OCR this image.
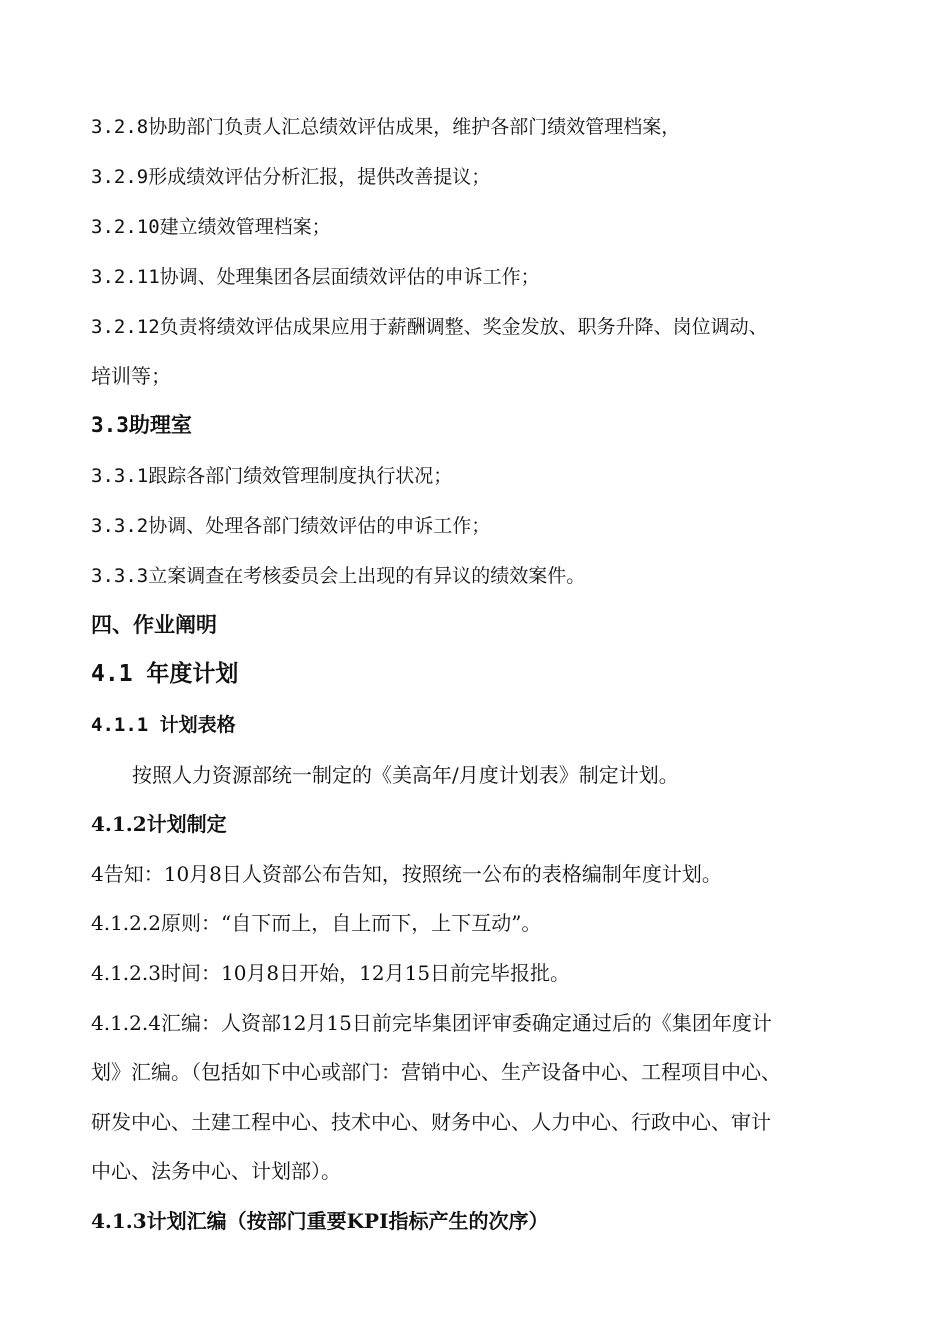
3.2.8协助部门负责人汇总绩效评估成果，维护各部门绩效管理档案，
3.2.9形成绩效评估分析汇报，提供改善提议；
3.2.10建立绩效管理档案；
3.2.11协调、处理集团各层面绩效评估的申诉工作；
3.2.12负责将绩效评估成果应用于薪酬调整、奖金发放、职务升降、岗位调动、
培训等；
3.3助理室
3.3.1跟踪各部门绩效管理制度执行状况；
3.3.2协调、处理各部门绩效评估的申诉工作；
3.3.3立案调查在考核委员会上出现的有异议的绩效案件。
四、作业阐明
4.1 年度计划
4.1.1 计划表格
按照人力资源部统一制定的《美高年/月度计划表》制定计划。
4.1.2计划制定
4告知：10月8日人资部公布告知，按照统一公布的表格编制年度计划。
4.1.2.2原则：“自下而上，自上而下，上下互动”。
4.1.2.3时间：10月8日开始，12月15日前完毕报批。
4.1.2.4汇编：人资部12月15日前完毕集团评审委确定通过后的《集团年度计
划》汇编。（包括如下中心或部门：营销中心、生产设备中心、工程项目中心、
研发中心、土建工程中心、技术中心、财务中心、人力中心、行政中心、审计
中心、法务中心、计划部）。
4.1.3计划汇编（按部门重要KPI指标产生的次序）
